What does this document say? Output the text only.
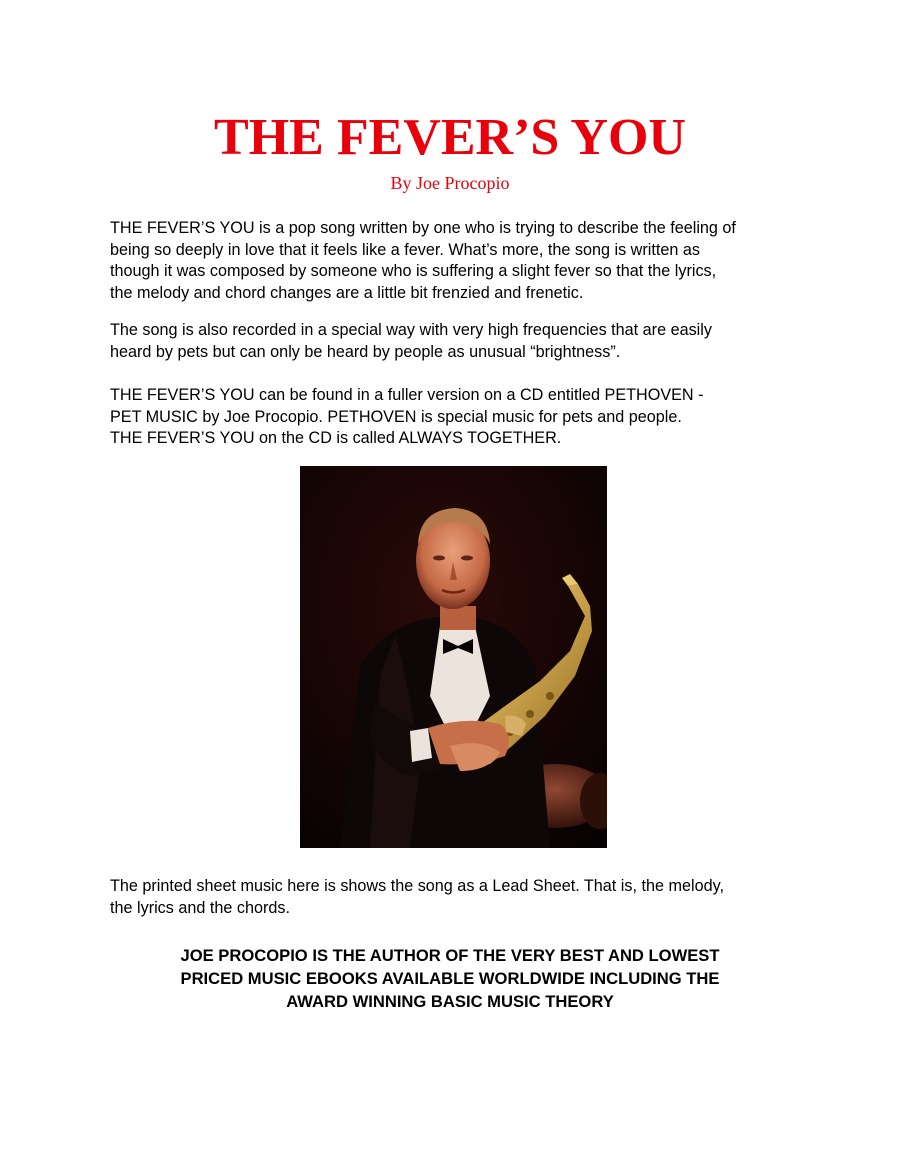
THE FEVER’S YOU
By Joe Procopio
THE FEVER’S YOU is a pop song written by one who is trying to describe the feeling of
being so deeply in love that it feels like a fever. What’s more, the song is written as
though it was composed by someone who is suffering a slight fever so that the lyrics,
the melody and chord changes are a little bit frenzied and frenetic.
The song is also recorded in a special way with very high frequencies that are easily
heard by pets but can only be heard by people as unusual “brightness”.
THE FEVER’S YOU can be found in a fuller version on a CD entitled PETHOVEN -
PET MUSIC by Joe Procopio. PETHOVEN is special music for pets and people.
THE FEVER’S YOU on the CD is called ALWAYS TOGETHER.
The printed sheet music here is shows the song as a Lead Sheet. That is, the melody,
the lyrics and the chords.
JOE PROCOPIO IS THE AUTHOR OF THE VERY BEST AND LOWEST
PRICED MUSIC EBOOKS AVAILABLE WORLDWIDE INCLUDING THE
AWARD WINNING BASIC MUSIC THEORY
